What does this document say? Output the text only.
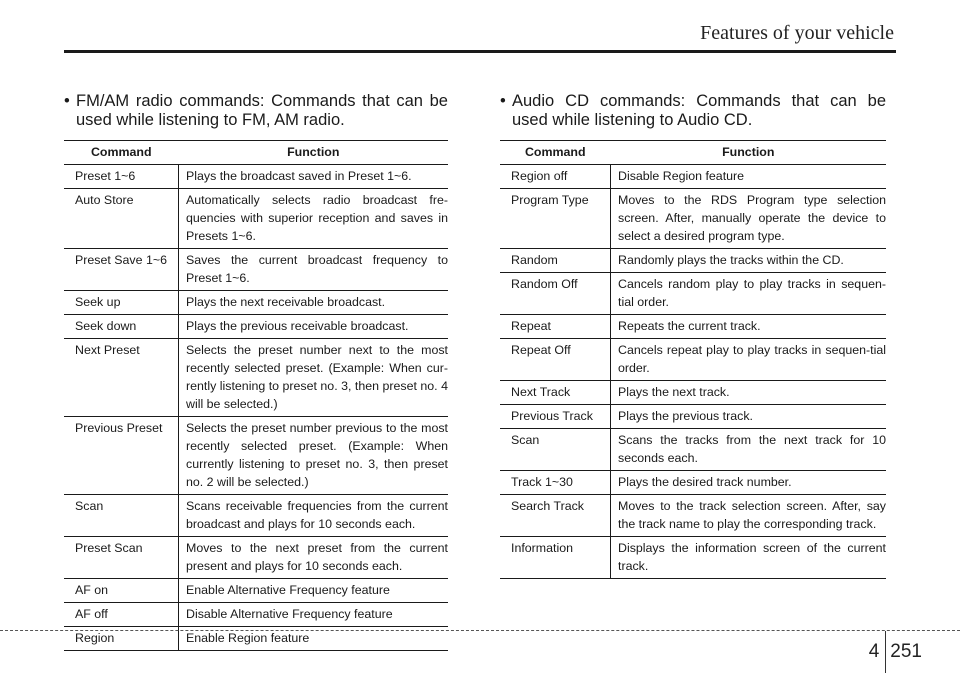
Features of your vehicle
• FM/AM radio commands: Commands that can be used while listening to FM, AM radio.
Command	Function
Preset 1~6	Plays the broadcast saved in Preset 1~6.
Auto Store	Automatically selects radio broadcast fre-quencies with superior reception and saves in Presets 1~6.
Preset Save 1~6	Saves the current broadcast frequency to Preset 1~6.
Seek up	Plays the next receivable broadcast.
Seek down	Plays the previous receivable broadcast.
Next Preset	Selects the preset number next to the most recently selected preset. (Example: When cur-rently listening to preset no. 3, then preset no. 4 will be selected.)
Previous Preset	Selects the preset number previous to the most recently selected preset. (Example: When currently listening to preset no. 3, then preset no. 2 will be selected.)
Scan	Scans receivable frequencies from the current broadcast and plays for 10 seconds each.
Preset Scan	Moves to the next preset from the current present and plays for 10 seconds each.
AF on	Enable Alternative Frequency feature
AF off	Disable Alternative Frequency feature
Region	Enable Region feature
• Audio CD commands: Commands that can be used while listening to Audio CD.
Command	Function
Region off	Disable Region feature
Program Type	Moves to the RDS Program type selection screen. After, manually operate the device to select a desired program type.
Random	Randomly plays the tracks within the CD.
Random Off	Cancels random play to play tracks in sequen-tial order.
Repeat	Repeats the current track.
Repeat Off	Cancels repeat play to play tracks in sequen-tial order.
Next Track	Plays the next track.
Previous Track	Plays the previous track.
Scan	Scans the tracks from the next track for 10 seconds each.
Track 1~30	Plays the desired track number.
Search Track	Moves to the track selection screen. After, say the track name to play the corresponding track.
Information	Displays the information screen of the current track.
4 251
